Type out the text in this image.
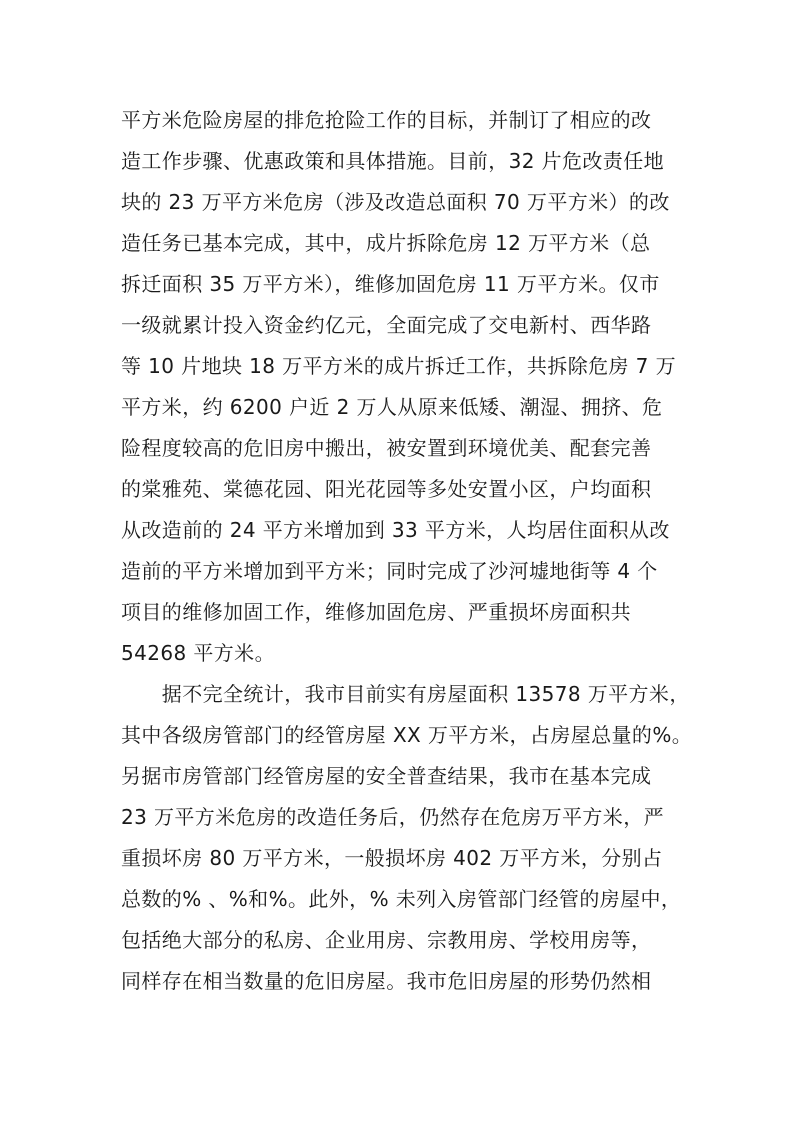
平方米危险房屋的排危抢险工作的目标，并制订了相应的改

造工作步骤、优惠政策和具体措施。目前，32 片危改责任地

块的 23 万平方米危房（涉及改造总面积 70 万平方米）的改

造任务已基本完成，其中，成片拆除危房 12 万平方米（总

拆迁面积 35 万平方米），维修加固危房 11 万平方米。仅市

一级就累计投入资金约亿元，全面完成了交电新村、西华路

等 10 片地块 18 万平方米的成片拆迁工作，共拆除危房 7 万

平方米，约 6200 户近 2 万人从原来低矮、潮湿、拥挤、危

险程度较高的危旧房中搬出，被安置到环境优美、配套完善

的棠雅苑、棠德花园、阳光花园等多处安置小区，户均面积

从改造前的 24 平方米增加到 33 平方米，人均居住面积从改

造前的平方米增加到平方米；同时完成了沙河墟地街等 4 个

项目的维修加固工作，维修加固危房、严重损坏房面积共

54268 平方米。

　　据不完全统计，我市目前实有房屋面积 13578 万平方米，

其中各级房管部门的经管房屋 XX 万平方米，占房屋总量的%。

另据市房管部门经管房屋的安全普查结果，我市在基本完成

23 万平方米危房的改造任务后，仍然存在危房万平方米，严

重损坏房 80 万平方米，一般损坏房 402 万平方米，分别占

总数的% 、%和%。此外，% 未列入房管部门经管的房屋中，

包括绝大部分的私房、企业用房、宗教用房、学校用房等，

同样存在相当数量的危旧房屋。我市危旧房屋的形势仍然相
